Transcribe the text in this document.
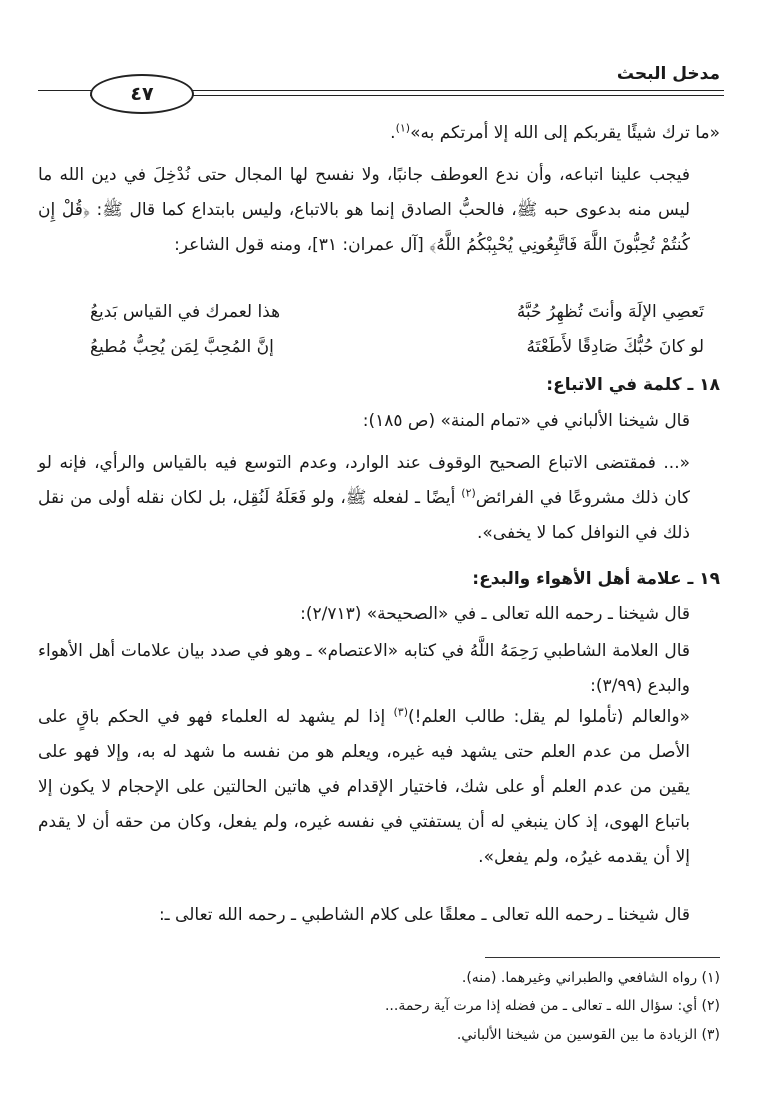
مدخل البحث
٤٧
«ما ترك شيئًا يقربكم إلى الله إلا أمرتكم به»$^{(١)}$.
فيجب علينا اتباعه، وأن ندع العوطف جانبًا، ولا نفسح لها المجال حتى نُدْخِلَ في دين الله ما ليس منه بدعوى حبه ﷺ، فالحبُّ الصادق إنما هو بالاتباع، وليس بابتداع كما قال ﷺ: ﴿قُلْ إِن كُنتُمْ تُحِبُّونَ اللَّهَ فَاتَّبِعُونِي يُحْبِبْكُمُ اللَّهُ﴾ [آل عمران: ٣١]، ومنه قول الشاعر:
تَعصِي الإلَهَ وأنتَ تُظهِرُ حُبَّهُ
هذا لعمرك في القياس بَديعُ
لو كانَ حُبُّكَ صَادِقًا لأَطَعْتَهُ
إنَّ المُحِبَّ لِمَن يُحِبُّ مُطيعُ
١٨ ـ كلمة في الاتباع:
قال شيخنا الألباني في «تمام المنة» (ص ١٨٥):
«... فمقتضى الاتباع الصحيح الوقوف عند الوارد، وعدم التوسع فيه بالقياس والرأي، فإنه لو كان ذلك مشروعًا في الفرائض$^{(٢)}$ أيضًا ـ لفعله ﷺ، ولو فَعَلَهُ لَنُقِل، بل لكان نقله أولى من نقل ذلك في النوافل كما لا يخفى».
١٩ ـ علامة أهل الأهواء والبدع:
قال شيخنا ـ رحمه الله تعالى ـ في «الصحيحة» (٢/٧١٣):
قال العلامة الشاطبي رَحِمَهُ اللَّهُ في كتابه «الاعتصام» ـ وهو في صدد بيان علامات أهل الأهواء والبدع (٣/٩٩):
«والعالم (تأملوا لم يقل: طالب العلم!)$^{(٣)}$ إذا لم يشهد له العلماء فهو في الحكم باقٍ على الأصل من عدم العلم حتى يشهد فيه غيره، ويعلم هو من نفسه ما شهد له به، وإلا فهو على يقين من عدم العلم أو على شك، فاختيار الإقدام في هاتين الحالتين على الإحجام لا يكون إلا باتباع الهوى، إذ كان ينبغي له أن يستفتي في نفسه غيره، ولم يفعل، وكان من حقه أن لا يقدم إلا أن يقدمه غيرُه، ولم يفعل».
قال شيخنا ـ رحمه الله تعالى ـ معلقًا على كلام الشاطبي ـ رحمه الله تعالى ـ:
(١) رواه الشافعي والطبراني وغيرهما. (منه).
(٢) أي: سؤال الله ـ تعالى ـ من فضله إذا مرت آية رحمة...
(٣) الزيادة ما بين القوسين من شيخنا الألباني.
